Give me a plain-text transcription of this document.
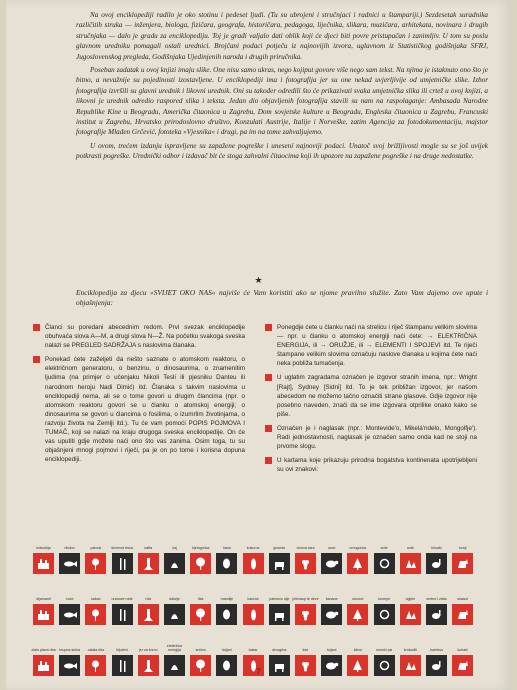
Na ovoj enciklopediji radilo je oko stotinu i pedeset ljudi. (Tu su ubrojeni i stručnjaci i radnici u štampariji.) Sezdesetak suradnika različitih struka — inženjera, biologa, fizičara, geografa, historičara, pedagoga, liječnika, slikara, muzičara, arhitekata, novinara i drugih stručnjaka — dalo je gradu za enciklopediju. Toj je građi valjalo dati oblik koji će djeci biti povre pristupačan i zanimljiv. U tom su poslu glavnom uredniku pomagali ostali urednici. Brojčani podaci potječu iz najnovijih izvora, uglavnom iz Statističkog godišnjaka SFRJ, Jugoslovenskog pregleda, Godišnjaka Ujedinjenih naroda i drugih priručnika.

Poseban zadatak u ovoj knjizi imaju slike. One nisu samo ukras, nego kojiput govore više nego sam tekst. Na njima je istaknuto ono što je bitno, a nevažnije su pojedinosti izostavljene. U enciklopediji ima i fotografija jer su one nekad uvjerljivije od umjetničke slike. Izbor fotografija izvršili su glavni urednik i likovni urednik. Oni su također odredili što će prikazivati svaka umjetnička slika ili crtež u ovoj knjizi, a likovni je urednik odredio raspored slika i teksta. Jedan dio objavljenih fotografija stavili su nam na raspolaganje: Ambasada Narodne Republike Kine u Beogradu, Američka čitaonica u Zagrebu, Dom sovjetske kulture u Beogradu, Engleska čitaonica u Zagrebu, Francuski institut u Zagrebu, Hrvatsko prirodoslovno društvo, Konzulati Austrije, Italije i Norveške, zatim Agencija za fotodokumentaciju, majstor fotografije Mladen Grčević, fototeka »Vjesnika« i drugi, pa im na tome zahvaljujemo.

U ovom, trećem izdanju ispravljene su zapažene pogreške i unesení najnoviji podaci. Unatoč svoj brižljivosti mogle su se još uvijek potkrasti pogreške. Urednički odbor i izdavač bit će stoga zahvalni čitaocima koji ih upozore na zapažene pogreške i na druge nedostatke.

★
Enciklopedija za djecu »SVIJET OKO NAS« najviše će Vam koristiti ako se njome pravilno služite. Zato Vam dajemo ove upute i objašnjenja:
Članci su poredani abecednim redom. Prvi svezak enciklopedije obuhvaća slova A—M, a drugi slova N—Ž. Na početku svakoga sveska nalazi se PREGLED SADRŽAJA s naslovima članaka.
Ponekad ćete zaželjeti da nešto saznate o atomskom reaktoru, o električnom generatoru, o benzinu, o dinosaurima, o znamenitim ljudima (na primjer o učenjaku Nikoli Tesli ili pjesniku Danteu ili narodnom heroju Nadi Dimić) itd. Članaka s takvim naslovima u enciklopediji nema, ali se o tome govori u drugim člancima (npr. o atomskom reaktoru govori se u članku o atomskoj energiji; o dinosaurima se govori u člancima o fosilima, o izumrlim životinjama, o razvoju života na Zemlji itd.). Tu će vam pomoći POPIS POJMOVA I TUMAČ, koji se nalazi na kraju drugoga sveska enciklopedije. On će vas uputiti gdje možete naći ono što vas zanima. Osim toga, tu su objašnjeni mnogi pojmovi i riječi, pa je on po tome i korisna dopuna enciklopediji.
Ponegdje ćete u članku naći na strelicu i riječ štampanu velikim slovima — npr. u članku o atomskoj energiji naći ćete: → ELEKTRIČNA ENERGIJA, ili → ORUŽJE, ili → ELEMENTI I SPOJEVI itd. Te riječi štampane velikim slovima označuju naslove članaka u kojima ćete naći neka pobliža tumačenja.
U uglatim zagradama označen je izgovor stranih imena, npr.: Wright [Rajt], Sydney [Sidni] itd. To je tek približan izgovor, jer našom abecedom ne možemo tačno označiti strane glasove. Gdje izgovor nije posebno naveden, znači da se ime izgovara otprilike onako kako se piše.
Označen je i naglasak (npr.: Montevide'o, Mikelá'ndelo, Mongolfje'). Radi jednostavnosti, naglasak je označen samo onda kad ne stoji na prvome slogu.
U kartama koje prikazuju prirodna bogatstva kontinenata upotrijebljeni su ovi znakovi:
industrija	ribolov	pamuk	šećerna trska	nafta	čaj	bjelogorica	kava	kukuruz	govedа	vinova loza	ovce	crnogorica	svile	rude	kiroaki	konji
dijamanti	voće	kakao	uranove rude	riža	datulje	lika	mandije	kaučuk	palmovo ulje jelenasp te deve	banane	slonovi	krumpir	ugljen	srebro i zlato	sisavci
zlato plava riba	krupna stoka	ostala riba	ključevi	jer za krzno
električna energija	srebro	tuljani	bakar	drvogrha	lute	tuljani	kitovi	morski psi	krokodili	bambus	kohaki
7
